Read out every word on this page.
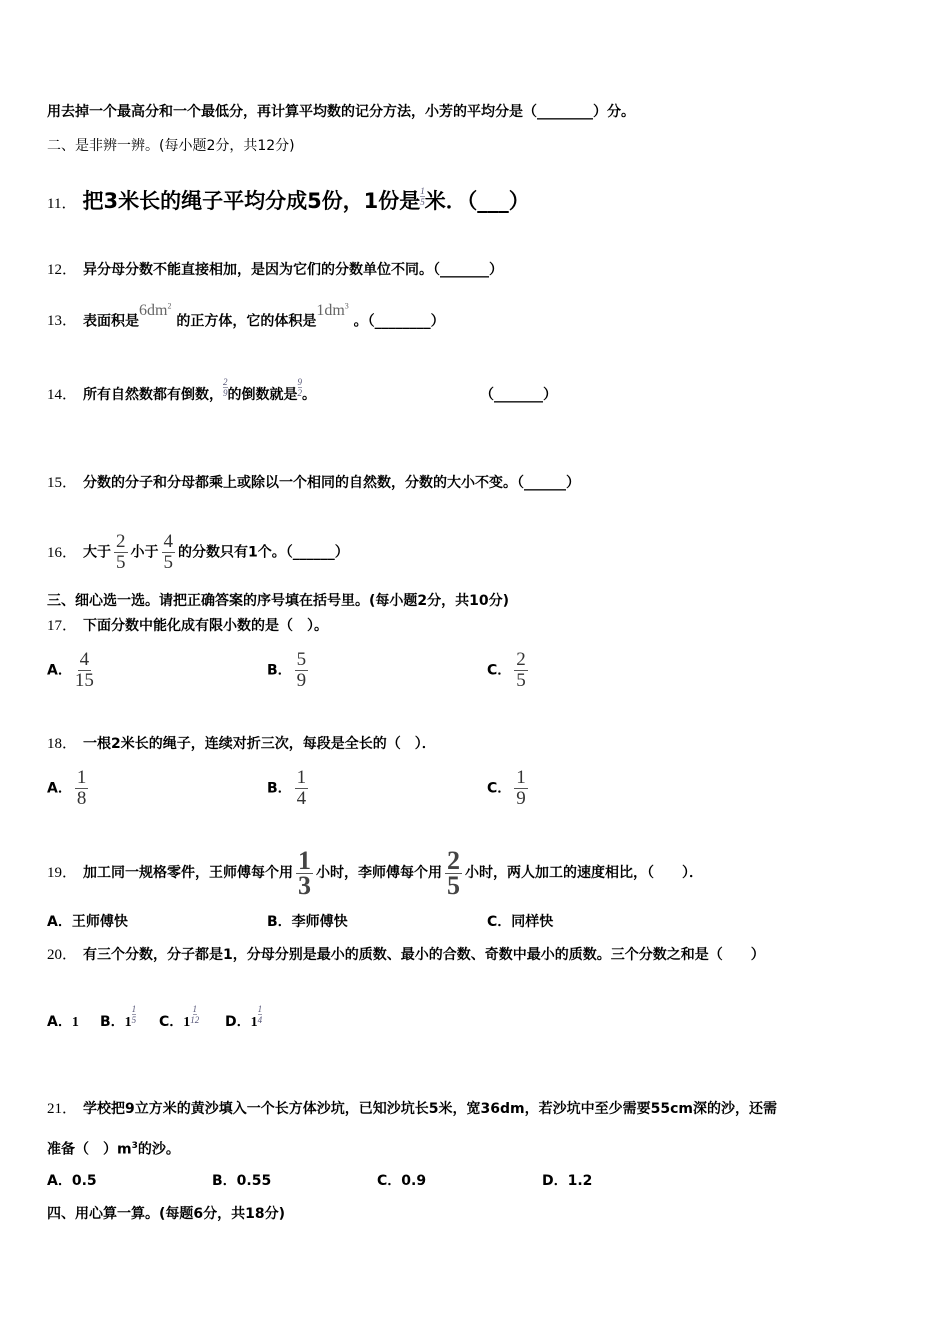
用去掉一个最高分和一个最低分，再计算平均数的记分方法，小芳的平均分是（________）分。
二、是非辨一辨。(每小题2分，共12分)
11． 把3米长的绳子平均分成5份，1份是 $\frac{1}{5}$ 米．（___）
12． 异分母分数不能直接相加，是因为它们的分数单位不同。（_______）
13． 表面积是$6dm^2$ 的正方体，它的体积是$1dm^3$ 。（________）
14． 所有自然数都有倒数， $\frac{2}{9}$ 的倒数就是 $\frac{9}{2}$ 。	（_______）
15． 分数的分子和分母都乘上或除以一个相同的自然数，分数的大小不变。（______）
16． 大于 $\frac{2}{5}$ 小于 $\frac{4}{5}$ 的分数只有1个。（______）
三、细心选一选。请把正确答案的序号填在括号里。(每小题2分，共10分)
17． 下面分数中能化成有限小数的是（　）。
A． $\frac{4}{15}$	B． $\frac{5}{9}$	C． $\frac{2}{5}$
18． 一根2米长的绳子，连续对折三次，每段是全长的（　）．
A． $\frac{1}{8}$	B． $\frac{1}{4}$	C． $\frac{1}{9}$
19． 加工同一规格零件，王师傅每个用 $\frac{1}{3}$ 小时，李师傅每个用 $\frac{2}{5}$ 小时，两人加工的速度相比，（　　）．
A．王师傅快	B．李师傅快	C．同样快
20． 有三个分数，分子都是1，分母分别是最小的质数、最小的合数、奇数中最小的质数。三个分数之和是（　　）
A．1 B．$1 \frac{1}{5}$ C．$1 \frac{1}{12}$ D．$1 \frac{1}{4}$
21． 学校把9立方米的黄沙填入一个长方体沙坑，已知沙坑长5米，宽36dm，若沙坑中至少需要55cm深的沙，还需
准备（　）$m^3$的沙。
A．0.5	B．0.55	C．0.9	D．1.2
四、用心算一算。(每题6分，共18分)
